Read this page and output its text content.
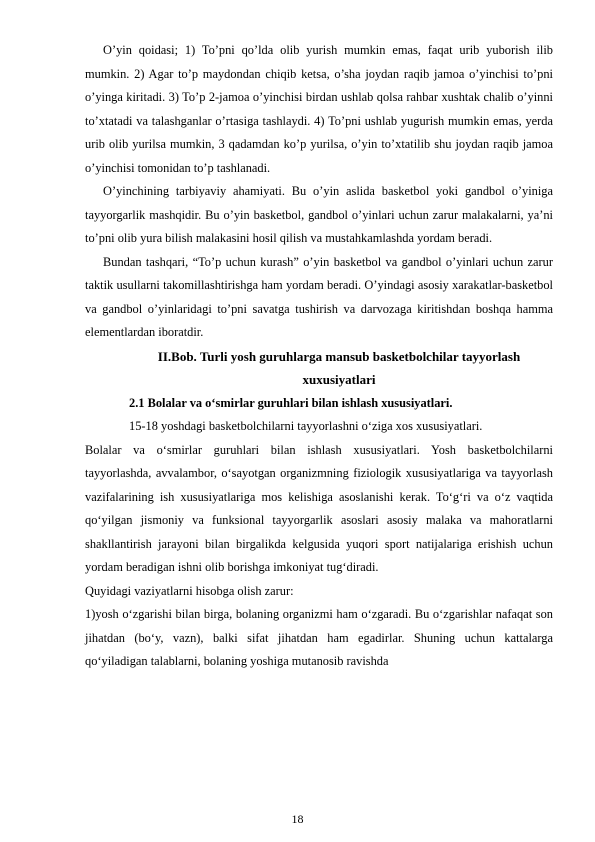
O’yin qoidasi; 1) To’pni qo’lda olib yurish mumkin emas, faqat urib yuborish ilib mumkin. 2) Agar to’p maydondan chiqib ketsa, o’sha joydan raqib jamoa o’yinchisi to’pni o’yinga kiritadi. 3) To’p 2-jamoa o’yinchisi birdan ushlab qolsa rahbar xushtak chalib o’yinni to’xtatadi va talashganlar o’rtasiga tashlaydi. 4) To’pni ushlab yugurish mumkin emas, yerda urib olib yurilsa mumkin, 3 qadamdan ko’p yurilsa, o’yin to’xtatilib shu joydan raqib jamoa o’yinchisi tomonidan to’p tashlanadi.

O’yinchining tarbiyaviy ahamiyati. Bu o’yin aslida basketbol yoki gandbol o’yiniga tayyorgarlik mashqidir. Bu o’yin basketbol, gandbol o’yinlari uchun zarur malakalarni, ya’ni to’pni olib yura bilish malakasini hosil qilish va mustahkamlashda yordam beradi.

Bundan tashqari, “To’p uchun kurash” o’yin basketbol va gandbol o’yinlari uchun zarur taktik usullarni takomillashtirishga ham yordam beradi. O’yindagi asosiy xarakatlar-basketbol va gandbol o’yinlaridagi to’pni savatga tushirish va darvozaga kiritishdan boshqa hamma elementlardan iboratdir.

II.Bob. Turli yosh guruhlarga mansub basketbolchilar tayyorlash

xuxusiyatlari

2.1 Bolalar va o‘smirlar guruhlari bilan ishlash xususiyatlari.

15-18 yoshdagi basketbolchilarni tayyorlashni o‘ziga xos xususiyatlari.

Bolalar va o‘smirlar guruhlari bilan ishlash xususiyatlari. Yosh basketbolchilarni tayyorlashda, avvalambor, o‘sayotgan organizmning fiziologik xususiyatlariga va tayyorlash vazifalarining ish xususiyatlariga mos kelishiga asoslanishi kerak. To‘g‘ri va o‘z vaqtida qo‘yilgan jismoniy va funksional tayyorgarlik asoslari asosiy malaka va mahoratlarni shakllantirish jarayoni bilan birgalikda kelgusida yuqori sport natijalariga erishish uchun yordam beradigan ishni olib borishga imkoniyat tug‘diradi.

Quyidagi vaziyatlarni hisobga olish zarur:

1)yosh o‘zgarishi bilan birga, bolaning organizmi ham o‘zgaradi. Bu o‘zgarishlar nafaqat son jihatdan (bo‘y, vazn), balki sifat jihatdan ham egadirlar. Shuning uchun kattalarga qo‘yiladigan talablarni, bolaning yoshiga mutanosib ravishda

18
